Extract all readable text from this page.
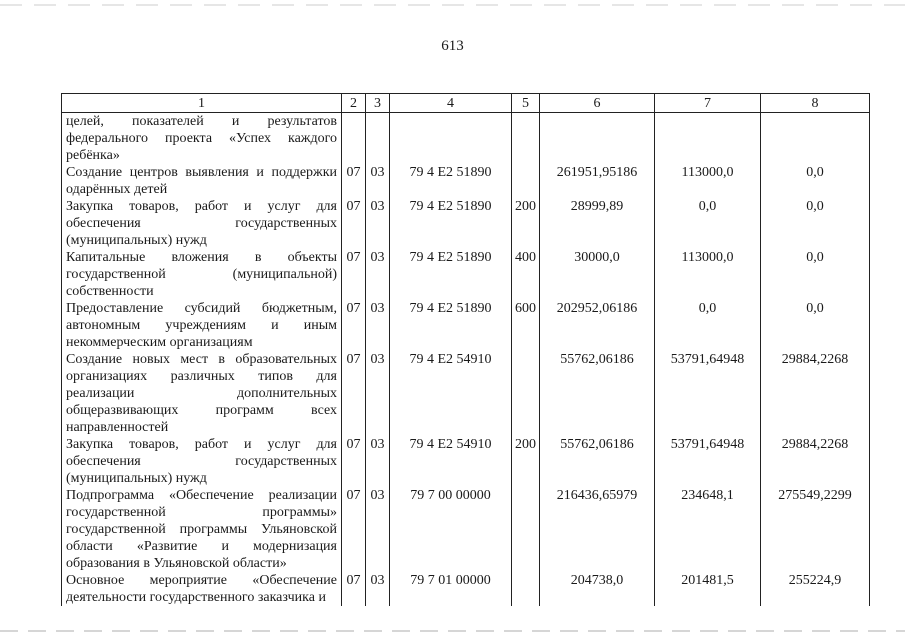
613
1	2	3	4	5	6	7	8
целей, показателей и результатов федерального проекта «Успех каждого ребёнка»							
Создание центров выявления и поддержки одарённых детей	07	03	79 4 Е2 51890		261951,95186	113000,0	0,0
Закупка товаров, работ и услуг для обеспечения государственных (муниципальных) нужд	07	03	79 4 Е2 51890	200	28999,89	0,0	0,0
Капитальные вложения в объекты государственной (муниципальной) собственности	07	03	79 4 Е2 51890	400	30000,0	113000,0	0,0
Предоставление субсидий бюджетным, автономным учреждениям и иным некоммерческим организациям	07	03	79 4 Е2 51890	600	202952,06186	0,0	0,0
Создание новых мест в образовательных организациях различных типов для реализации дополнительных общеразвивающих программ всех направленностей	07	03	79 4 Е2 54910		55762,06186	53791,64948	29884,2268
Закупка товаров, работ и услуг для обеспечения государственных (муниципальных) нужд	07	03	79 4 Е2 54910	200	55762,06186	53791,64948	29884,2268
Подпрограмма «Обеспечение реализации государственной программы» государственной программы Ульяновской области «Развитие и модернизация образования в Ульяновской области»	07	03	79 7 00 00000		216436,65979	234648,1	275549,2299
Основное мероприятие «Обеспечение деятельности государственного заказчика и	07	03	79 7 01 00000		204738,0	201481,5	255224,9
